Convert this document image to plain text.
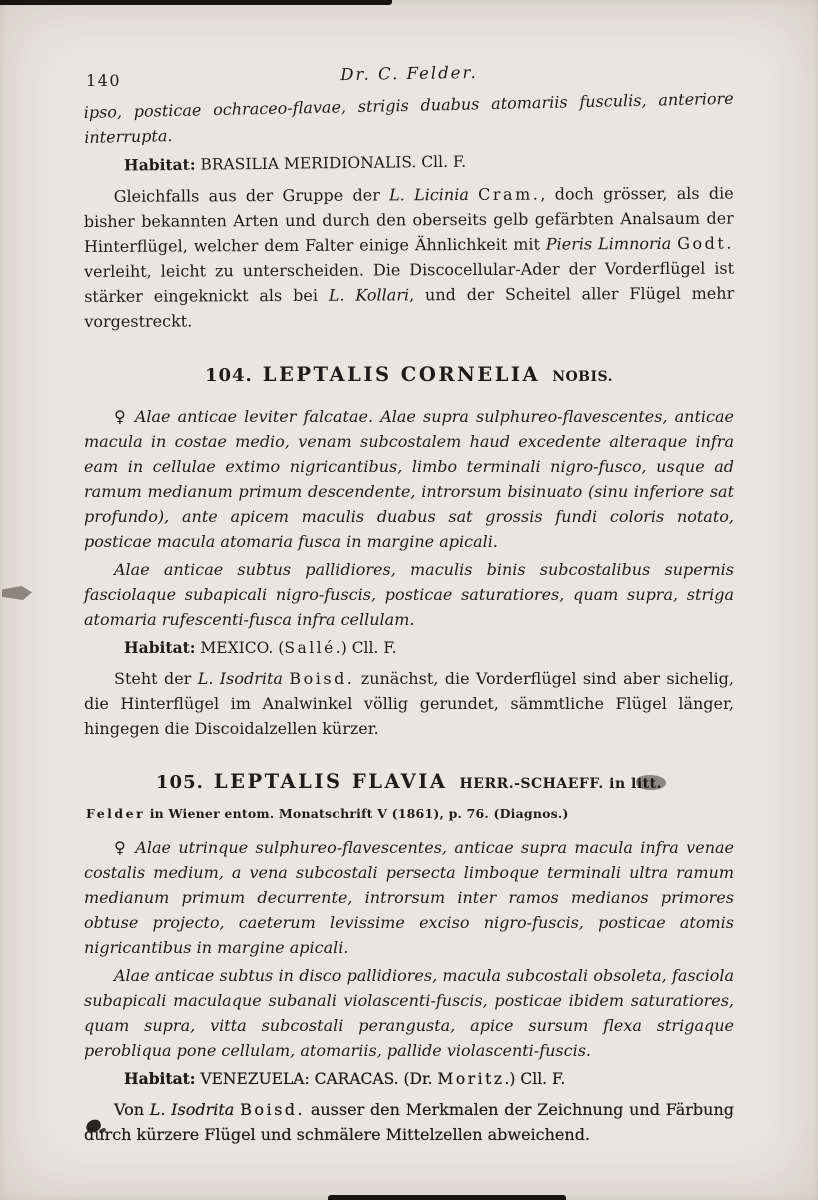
140	Dr. C. Felder.

ipso, posticae ochraceo-flavae, strigis duabus atomariis fusculis, anteriore interrupta.

Habitat: BRASILIA MERIDIONALIS. Cll. F.

Gleichfalls aus der Gruppe der L. Licinia Cram., doch grösser, als die bisher bekannten Arten und durch den oberseits gelb gefärbten Analsaum der Hinterflügel, welcher dem Falter einige Ähnlichkeit mit Pieris Limnoria Godt. verleiht, leicht zu unterscheiden. Die Discocellular-Ader der Vorderflügel ist stärker eingeknickt als bei L. Kollari, und der Scheitel aller Flügel mehr vorgestreckt.

104. LEPTALIS CORNELIA NOBIS.

♀ Alae anticae leviter falcatae. Alae supra sulphureo-flavescentes, anticae macula in costae medio, venam subcostalem haud excedente alteraque infra eam in cellulae extimo nigricantibus, limbo terminali nigro-fusco, usque ad ramum medianum primum descendente, introrsum bisinuato (sinu inferiore sat profundo), ante apicem maculis duabus sat grossis fundi coloris notato, posticae macula atomaria fusca in margine apicali.

Alae anticae subtus pallidiores, maculis binis subcostalibus supernis fasciolaque subapicali nigro-fuscis, posticae saturatiores, quam supra, striga atomaria rufescenti-fusca infra cellulam.

Habitat: MEXICO. (Sallé.) Cll. F.

Steht der L. Isodrita Boisd. zunächst, die Vorderflügel sind aber sichelig, die Hinterflügel im Analwinkel völlig gerundet, sämmtliche Flügel länger, hingegen die Discoidalzellen kürzer.

105. LEPTALIS FLAVIA HERR.-SCHAEFF. in litt.

Felder in Wiener entom. Monatschrift V (1861), p. 76. (Diagnos.)

♀ Alae utrinque sulphureo-flavescentes, anticae supra macula infra venae costalis medium, a vena subcostali persecta limboque terminali ultra ramum medianum primum decurrente, introrsum inter ramos medianos primores obtuse projecto, caeterum levissime exciso nigro-fuscis, posticae atomis nigricantibus in margine apicali.

Alae anticae subtus in disco pallidiores, macula subcostali obsoleta, fasciola subapicali maculaque subanali violascenti-fuscis, posticae ibidem saturatiores, quam supra, vitta subcostali perangusta, apice sursum flexa strigaque perobliqua pone cellulam, atomariis, pallide violascenti-fuscis.

Habitat: VENEZUELA: CARACAS. (Dr. Moritz.) Cll. F.

Von L. Isodrita Boisd. ausser den Merkmalen der Zeichnung und Färbung durch kürzere Flügel und schmälere Mittelzellen abweichend.
